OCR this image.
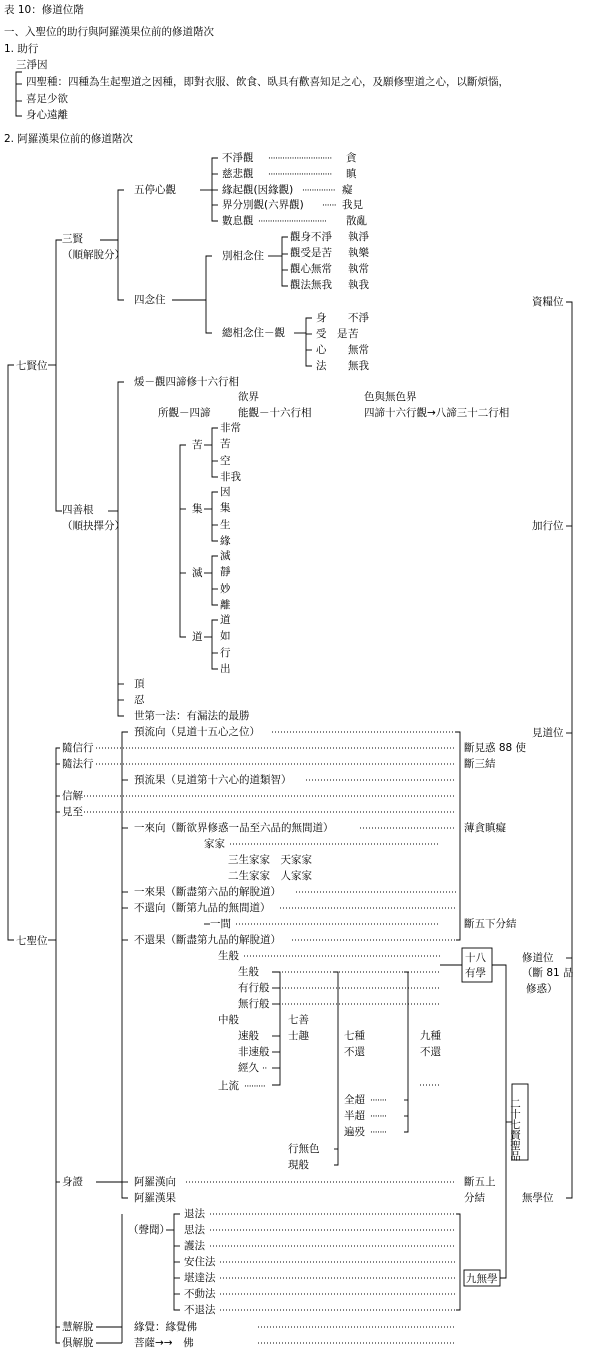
表 10：修道位階
一、入聖位的助行與阿羅漢果位前的修道階次
1. 助行
三淨因
四聖種：四種為生起聖道之因種，即對衣服、飲食、臥具有歡喜知足之心，及願修聖道之心，以斷煩惱，
喜足少欲
身心遠離
2. 阿羅漢果位前的修道階次
七賢位
七聖位
三賢
（順解脫分）
四善根
（順抉擇分）
五停心觀
四念住
不淨觀 ··························· 貪
慈悲觀 ··························· 瞋
緣起觀(因緣觀) ·············· 癡
界分別觀(六界觀) ······ 我見
數息觀 ····························· 散亂
別相念住
觀身不淨 執淨
觀受是苦 執樂
觀心無常 執常
觀法無我 執我
總相念住－觀
身 不淨
受　是 苦
心 無常
法 無我
煖－觀四諦修十六行相
欲界	色與無色界
所觀－四諦	能觀－十六行相	四諦十六行觀→八諦三十二行相
苦
非常
苦
空
非我
集
因
集
生
緣
滅
滅
靜
妙
離
道
道
如
行
出
頂
忍
世第一法：有漏法的最勝
資糧位
加行位
見道位
修道位
（斷 81 品
修惑）
無學位
隨信行
隨法行
信解
見至
身證
慧解脫
俱解脫
預流向（見道十五心之位）
預流果（見道第十六心的道類智）
一來向（斷欲界修惑一品至六品的無間道）
家家
三生家家　天家家
二生家家　人家家
一來果（斷盡第六品的解脫道）
不還向（斷第九品的無間道）
一間
不還果（斷盡第九品的解脫道）
斷見惑 88 使
斷三結
薄貪瞋癡
斷五下分結
生般
生般
有行般
無行般
中般
速般
非速般
經久 ··
上流 ·········
七善
士趣	七種
不還
九種
不還
全超 ·······
半超 ·······
遍殁 ·······
行無色
現般
十八
有學
二十七賢聖品
阿羅漢向
阿羅漢果
斷五上
分結
（聲聞）
退法
思法
護法
安住法
堪達法
不動法
不退法
九無學
緣覺：緣覺佛
菩薩→→　佛
